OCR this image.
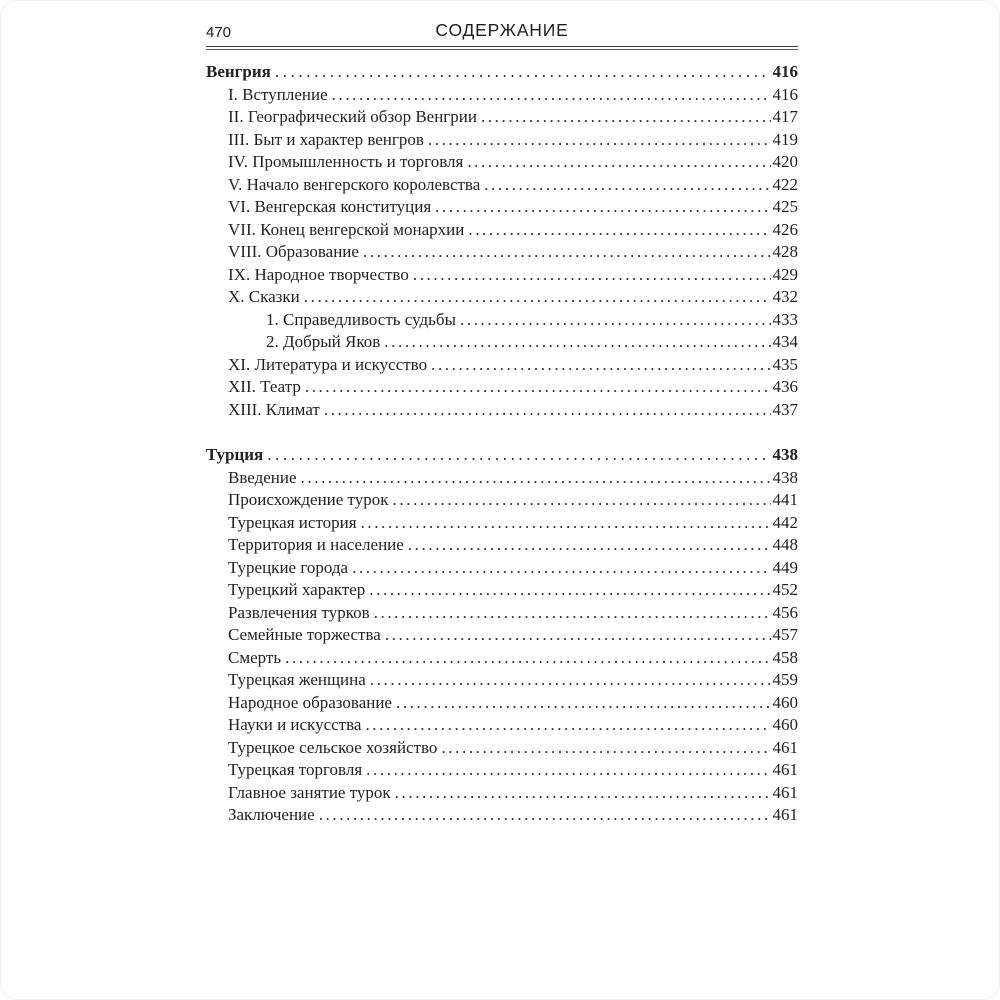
470	СОДЕРЖАНИЕ
Венгрия .....	416
I. Вступление .....	416
II. Географический обзор Венгрии .....	417
III. Быт и характер венгров .....	419
IV. Промышленность и торговля .....	420
V. Начало венгерского королевства .....	422
VI. Венгерская конституция .....	425
VII. Конец венгерской монархии .....	426
VIII. Образование .....	428
IX. Народное творчество .....	429
X. Сказки .....	432
1. Справедливость судьбы .....	433
2. Добрый Яков .....	434
XI. Литература и искусство .....	435
XII. Театр .....	436
XIII. Климат .....	437
Турция .....	438
Введение .....	438
Происхождение турок .....	441
Турецкая история .....	442
Территория и население .....	448
Турецкие города .....	449
Турецкий характер .....	452
Развлечения турков .....	456
Семейные торжества .....	457
Смерть .....	458
Турецкая женщина .....	459
Народное образование .....	460
Науки и искусства .....	460
Турецкое сельское хозяйство .....	461
Турецкая торговля .....	461
Главное занятие турок .....	461
Заключение .....	461
